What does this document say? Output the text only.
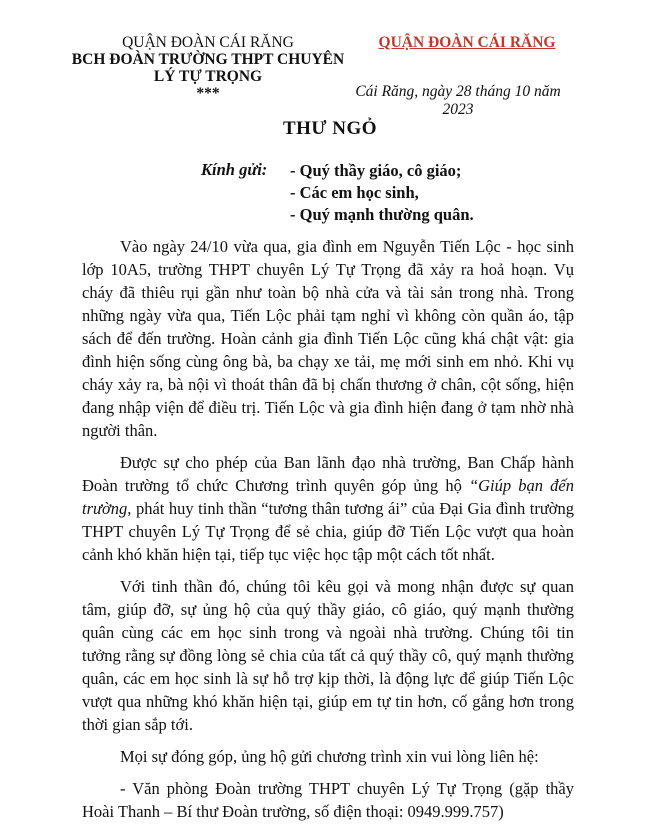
QUẬN ĐOÀN CÁI RĂNG
BCH ĐOÀN TRƯỜNG THPT CHUYÊN
LÝ TỰ TRỌNG
***
QUẬN ĐOÀN CÁI RĂNG
Cái Răng, ngày 28 tháng 10 năm 2023
THƯ NGỎ
Kính gửi: - Quý thầy giáo, cô giáo;
- Các em học sinh,
- Quý mạnh thường quân.

Vào ngày 24/10 vừa qua, gia đình em Nguyễn Tiến Lộc - học sinh lớp 10A5, trường THPT chuyên Lý Tự Trọng đã xảy ra hoả hoạn. Vụ cháy đã thiêu rụi gần như toàn bộ nhà cửa và tài sản trong nhà. Trong những ngày vừa qua, Tiến Lộc phải tạm nghỉ vì không còn quần áo, tập sách để đến trường. Hoàn cảnh gia đình Tiến Lộc cũng khá chật vật: gia đình hiện sống cùng ông bà, ba chạy xe tải, mẹ mới sinh em nhỏ. Khi vụ cháy xảy ra, bà nội vì thoát thân đã bị chấn thương ở chân, cột sống, hiện đang nhập viện để điều trị. Tiến Lộc và gia đình hiện đang ở tạm nhờ nhà người thân.

Được sự cho phép của Ban lãnh đạo nhà trường, Ban Chấp hành Đoàn trường tổ chức Chương trình quyên góp ủng hộ “Giúp bạn đến trường, phát huy tinh thần “tương thân tương ái” của Đại Gia đình trường THPT chuyên Lý Tự Trọng để sẻ chia, giúp đỡ Tiến Lộc vượt qua hoàn cảnh khó khăn hiện tại, tiếp tục việc học tập một cách tốt nhất.

Với tinh thần đó, chúng tôi kêu gọi và mong nhận được sự quan tâm, giúp đỡ, sự ủng hộ của quý thầy giáo, cô giáo, quý mạnh thường quân cùng các em học sinh trong và ngoài nhà trường. Chúng tôi tin tưởng rằng sự đồng lòng sẻ chia của tất cả quý thầy cô, quý mạnh thường quân, các em học sinh là sự hỗ trợ kịp thời, là động lực để giúp Tiến Lộc vượt qua những khó khăn hiện tại, giúp em tự tin hơn, cố gắng hơn trong thời gian sắp tới.

Mọi sự đóng góp, ủng hộ gửi chương trình xin vui lòng liên hệ:

- Văn phòng Đoàn trường THPT chuyên Lý Tự Trọng (gặp thầy Hoài Thanh – Bí thư Đoàn trường, số điện thoại: 0949.999.757)
